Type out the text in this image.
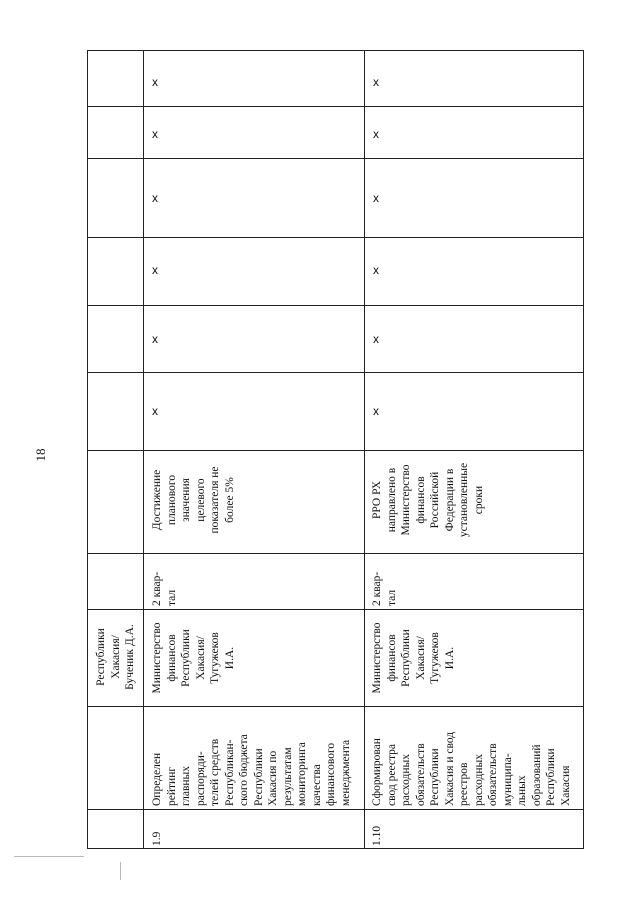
18
Республики
Хакасия/
Бученик Д.А.
1.9
Определен
рейтинг
главных
распоряди-
телей средств
Республикан-
ского бюджета
Республики
Хакасия по
результатам
мониторинга
качества
финансового
менеджмента
Министерство
финансов
Республики
Хакасия/
Тугужеков
И.А.
2 квар-
тал
Достижение
планового
значения
целевого
показателя не
более 5%
x
x
x
x
x
x
1.10
Сформирован
свод реестра
расходных
обязательств
Республики
Хакасия и свод
реестров
расходных
обязательств
муниципа-
льных
образований
Республики
Хакасия
Министерство
финансов
Республики
Хакасия/
Тугужеков
И.А.
2 квар-
тал
РРО РХ
направлено в
Министерство
финансов
Российской
Федерации в
установленные
сроки
x
x
x
x
x
x
